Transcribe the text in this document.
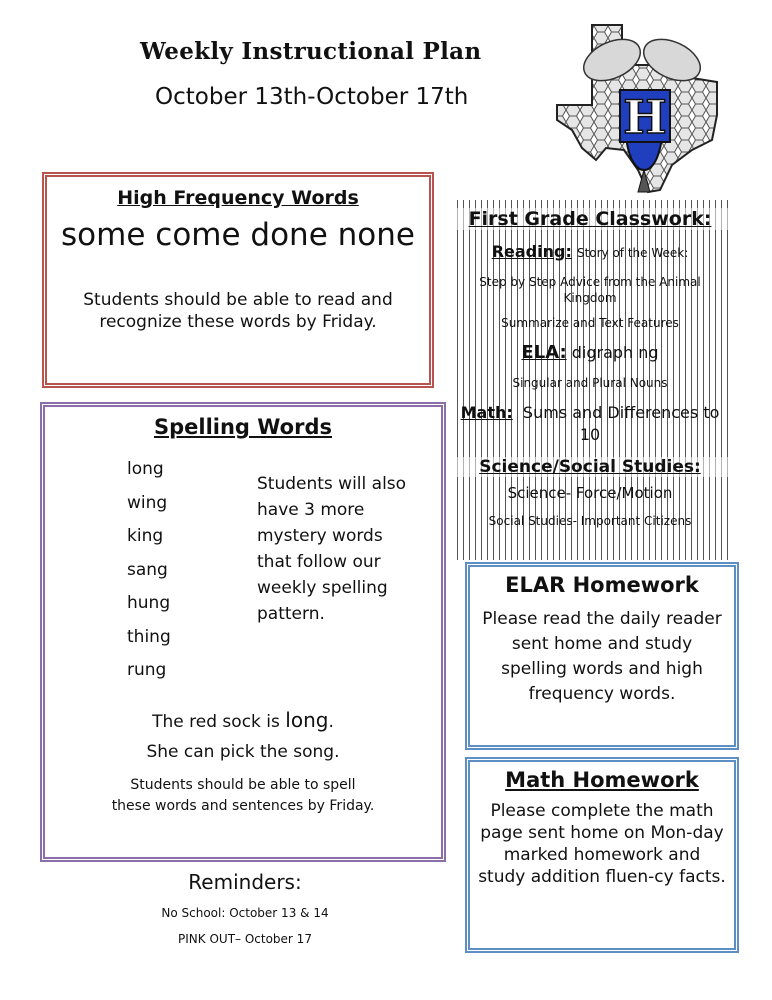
Weekly Instructional Plan
October 13th-October 17th	H
High Frequency Words
some come done none
Students should be able to read and
recognize these words by Friday.
Spelling Words
long
wing
king
sang
hung
thing
rung
Students will also have 3 more mystery words that follow our weekly spelling pattern.
The red sock is long.
She can pick the song.
Students should be able to spell
these words and sentences by Friday.
First Grade Classwork:
Reading: Story of the Week:
Step by Step Advice from the Animal Kingdom
Summarize and Text Features
ELA: digraph ng
Singular and Plural Nouns
Math: Sums and Differences to 10
Science/Social Studies:
Science- Force/Motion
Social Studies- Important Citizens
ELAR Homework
Please read the daily reader sent home and study spelling words and high frequency words.
Math Homework
Please complete the math page sent home on Mon-day marked homework and study addition fluen-cy facts.
Reminders:
No School: October 13 & 14
PINK OUT– October 17
